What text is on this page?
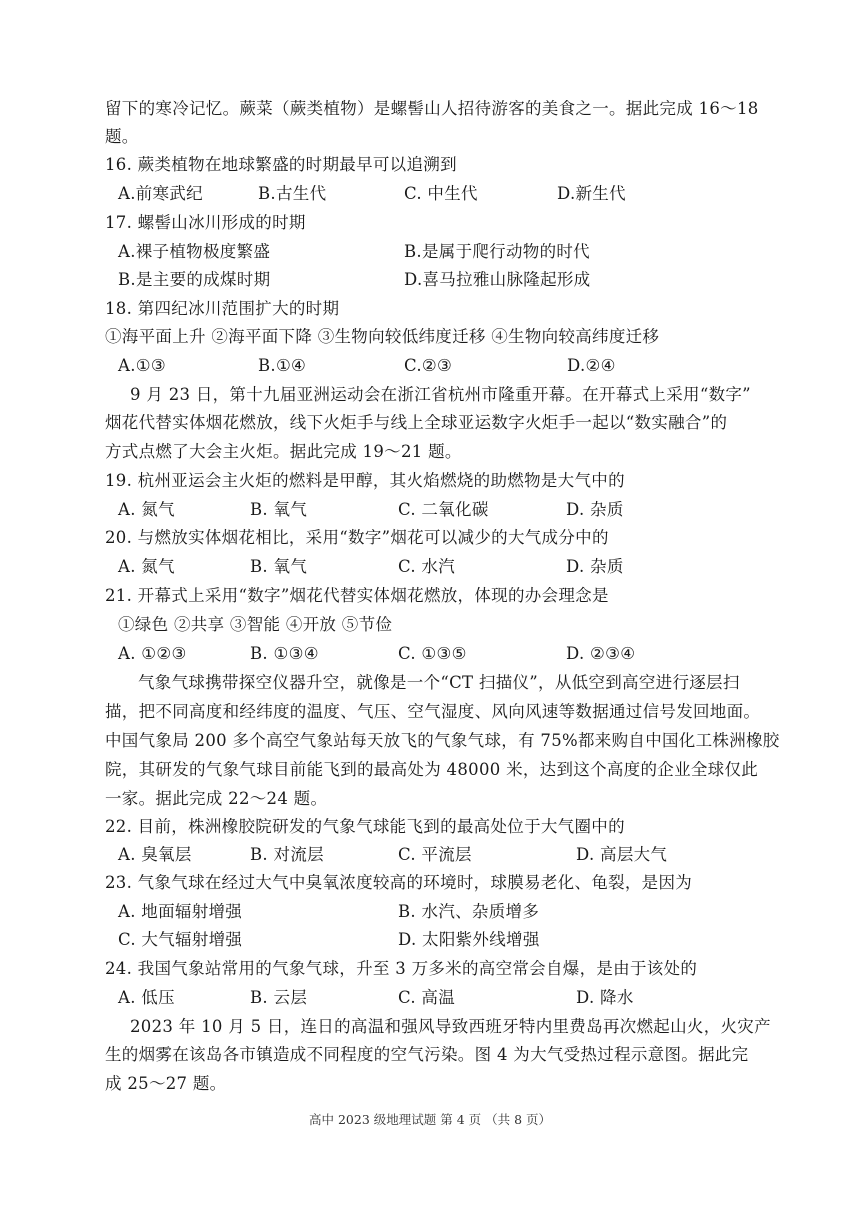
留下的寒冷记忆。蕨菜（蕨类植物）是螺髻山人招待游客的美食之一。据此完成 16～18
题。
16. 蕨类植物在地球繁盛的时期最早可以追溯到
A.前寒武纪	B.古生代	C. 中生代	D.新生代
17. 螺髻山冰川形成的时期
A.裸子植物极度繁盛	B.是属于爬行动物的时代
B.是主要的成煤时期	D.喜马拉雅山脉隆起形成
18. 第四纪冰川范围扩大的时期
①海平面上升 ②海平面下降 ③生物向较低纬度迁移 ④生物向较高纬度迁移
A.①③	B.①④	C.②③	D.②④
9 月 23 日，第十九届亚洲运动会在浙江省杭州市隆重开幕。在开幕式上采用“数字”
烟花代替实体烟花燃放，线下火炬手与线上全球亚运数字火炬手一起以“数实融合”的
方式点燃了大会主火炬。据此完成 19～21 题。
19. 杭州亚运会主火炬的燃料是甲醇，其火焰燃烧的助燃物是大气中的
A. 氮气	B. 氧气	C. 二氧化碳	D. 杂质
20. 与燃放实体烟花相比，采用“数字”烟花可以减少的大气成分中的
A. 氮气	B. 氧气	C. 水汽	D. 杂质
21. 开幕式上采用“数字”烟花代替实体烟花燃放，体现的办会理念是
①绿色 ②共享 ③智能 ④开放 ⑤节俭
A. ①②③	B. ①③④	C. ①③⑤	D. ②③④
气象气球携带探空仪器升空，就像是一个“CT 扫描仪”，从低空到高空进行逐层扫
描，把不同高度和经纬度的温度、气压、空气湿度、风向风速等数据通过信号发回地面。
中国气象局 200 多个高空气象站每天放飞的气象气球，有 75%都来购自中国化工株洲橡胶
院，其研发的气象气球目前能飞到的最高处为 48000 米，达到这个高度的企业全球仅此
一家。据此完成 22～24 题。
22. 目前，株洲橡胶院研发的气象气球能飞到的最高处位于大气圈中的
A. 臭氧层	B. 对流层	C. 平流层	D. 高层大气
23. 气象气球在经过大气中臭氧浓度较高的环境时，球膜易老化、龟裂，是因为
A. 地面辐射增强	B. 水汽、杂质增多
C. 大气辐射增强	D. 太阳紫外线增强
24. 我国气象站常用的气象气球，升至 3 万多米的高空常会自爆，是由于该处的
A. 低压	B. 云层	C. 高温	D. 降水
2023 年 10 月 5 日，连日的高温和强风导致西班牙特内里费岛再次燃起山火，火灾产
生的烟雾在该岛各市镇造成不同程度的空气污染。图 4 为大气受热过程示意图。据此完
成 25～27 题。
高中 2023 级地理试题 第 4 页 （共 8 页）
